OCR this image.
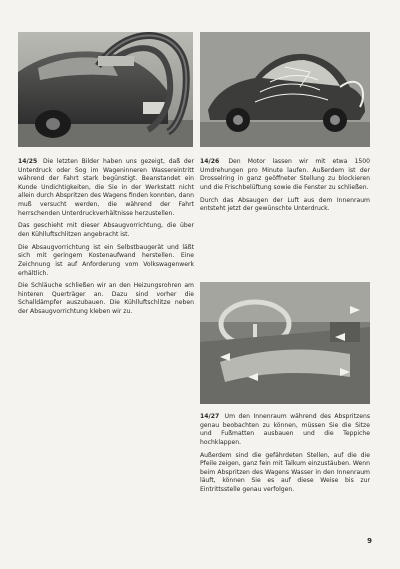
14/25 Die letzten Bilder haben uns gezeigt, daß der Unterdruck oder Sog im Wageninneren Wassereintritt während der Fahrt stark begünstigt. Beanstandet ein Kunde Undichtigkeiten, die Sie in der Werkstatt nicht allein durch Abspritzen des Wagens finden konnten, dann muß versucht werden, die während der Fahrt herrschenden Unterdruckverhältnisse herzustellen.

Das geschieht mit dieser Absaugvorrichtung, die über den Kühlluftschlitzen angebracht ist.

Die Absaugvorrichtung ist ein Selbstbaugerät und läßt sich mit geringem Kostenaufwand herstellen. Eine Zeichnung ist auf Anforderung vom Volkswagenwerk erhältlich.

Die Schläuche schließen wir an den Heizungsrohren am hinteren Querträger an. Dazu sind vorher die Schalldämpfer auszubauen. Die Kühlluftschlitze neben der Absaugvorrichtung kleben wir zu.

14/26 Den Motor lassen wir mit etwa 1500 Umdrehungen pro Minute laufen. Außerdem ist der Drosselring in ganz geöffneter Stellung zu blockieren und die Frischbelüftung sowie die Fenster zu schließen.

Durch das Absaugen der Luft aus dem Innenraum entsteht jetzt der gewünschte Unterdruck.

14/27 Um den Innenraum während des Abspritzens genau beobachten zu können, müssen Sie die Sitze und Fußmatten ausbauen und die Teppiche hochklappen.

Außerdem sind die gefährdeten Stellen, auf die die Pfeile zeigen, ganz fein mit Talkum einzustäuben. Wenn beim Abspritzen des Wagens Wasser in den Innenraum läuft, können Sie es auf diese Weise bis zur Eintrittsstelle genau verfolgen.

9
